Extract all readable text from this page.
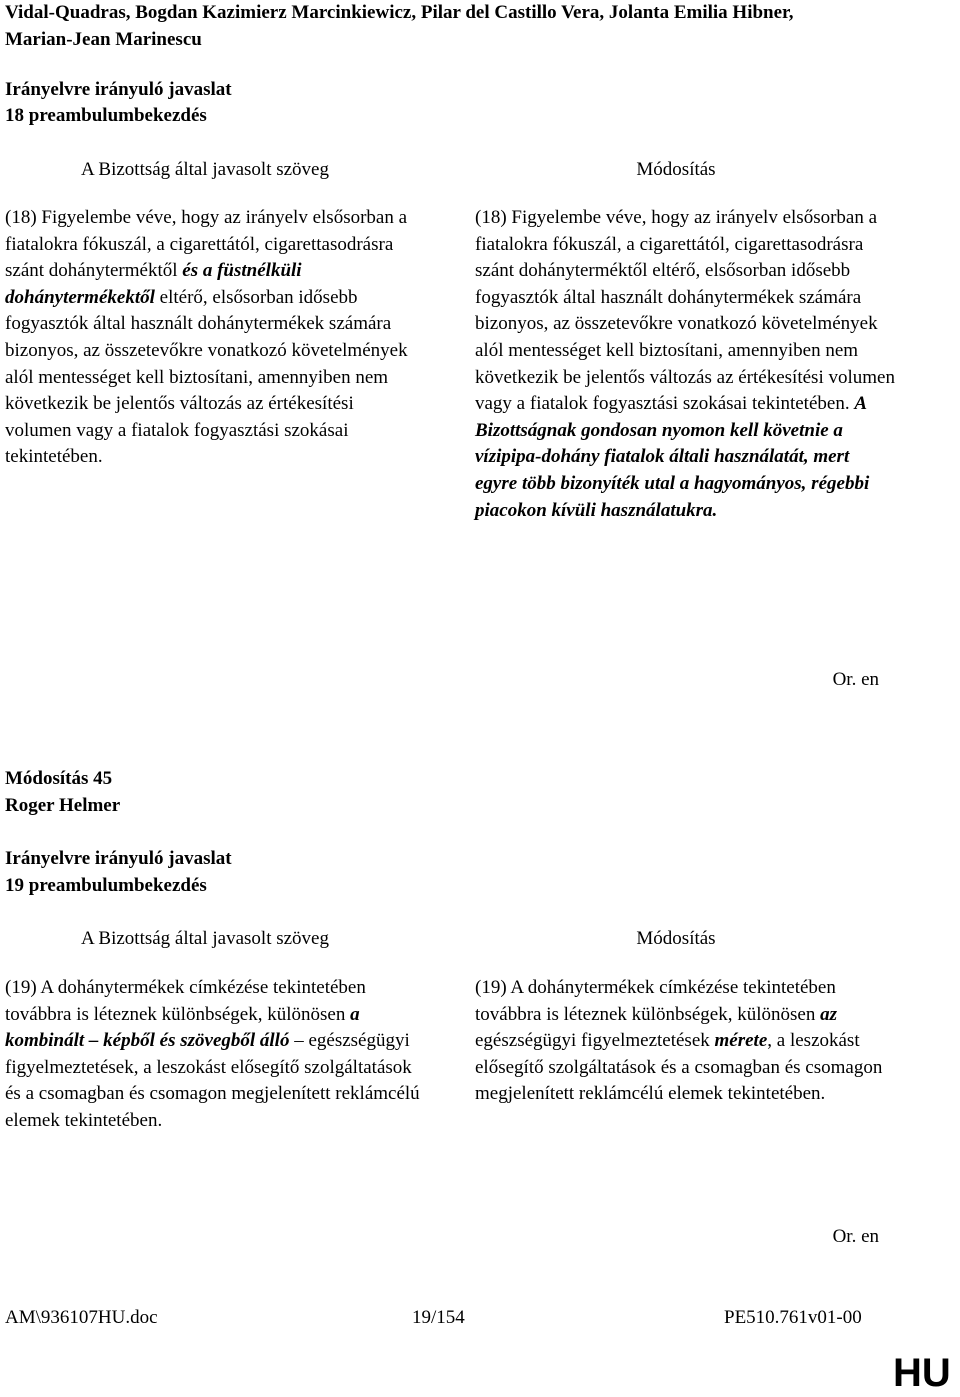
Vidal-Quadras, Bogdan Kazimierz Marcinkiewicz, Pilar del Castillo Vera, Jolanta Emilia Hibner, Marian-Jean Marinescu
Irányelvre irányuló javaslat
18 preambulumbekezdés
A Bizottság által javasolt szöveg	Módosítás
(18) Figyelembe véve, hogy az irányelv elsősorban a fiatalokra fókuszál, a cigarettától, cigarettasodrásra szánt dohányterméktől és a füstnélküli dohánytermékektől eltérő, elsősorban idősebb fogyasztók által használt dohánytermékek számára bizonyos, az összetevőkre vonatkozó követelmények alól mentességet kell biztosítani, amennyiben nem következik be jelentős változás az értékesítési volumen vagy a fiatalok fogyasztási szokásai tekintetében.
(18) Figyelembe véve, hogy az irányelv elsősorban a fiatalokra fókuszál, a cigarettától, cigarettasodrásra szánt dohányterméktől eltérő, elsősorban idősebb fogyasztók által használt dohánytermékek számára bizonyos, az összetevőkre vonatkozó követelmények alól mentességet kell biztosítani, amennyiben nem következik be jelentős változás az értékesítési volumen vagy a fiatalok fogyasztási szokásai tekintetében. A Bizottságnak gondosan nyomon kell követnie a vízipipa-dohány fiatalok általi használatát, mert egyre több bizonyíték utal a hagyományos, régebbi piacokon kívüli használatukra.
Or. en
Módosítás 45
Roger Helmer
Irányelvre irányuló javaslat
19 preambulumbekezdés
A Bizottság által javasolt szöveg	Módosítás
(19) A dohánytermékek címkézése tekintetében továbbra is léteznek különbségek, különösen a kombinált – képből és szövegből álló – egészségügyi figyelmeztetések, a leszokást elősegítő szolgáltatások és a csomagban és csomagon megjelenített reklámcélú elemek tekintetében.
(19) A dohánytermékek címkézése tekintetében továbbra is léteznek különbségek, különösen az egészségügyi figyelmeztetések mérete, a leszokást elősegítő szolgáltatások és a csomagban és csomagon megjelenített reklámcélú elemek tekintetében.
Or. en
AM\936107HU.doc	19/154	PE510.761v01-00
HU
